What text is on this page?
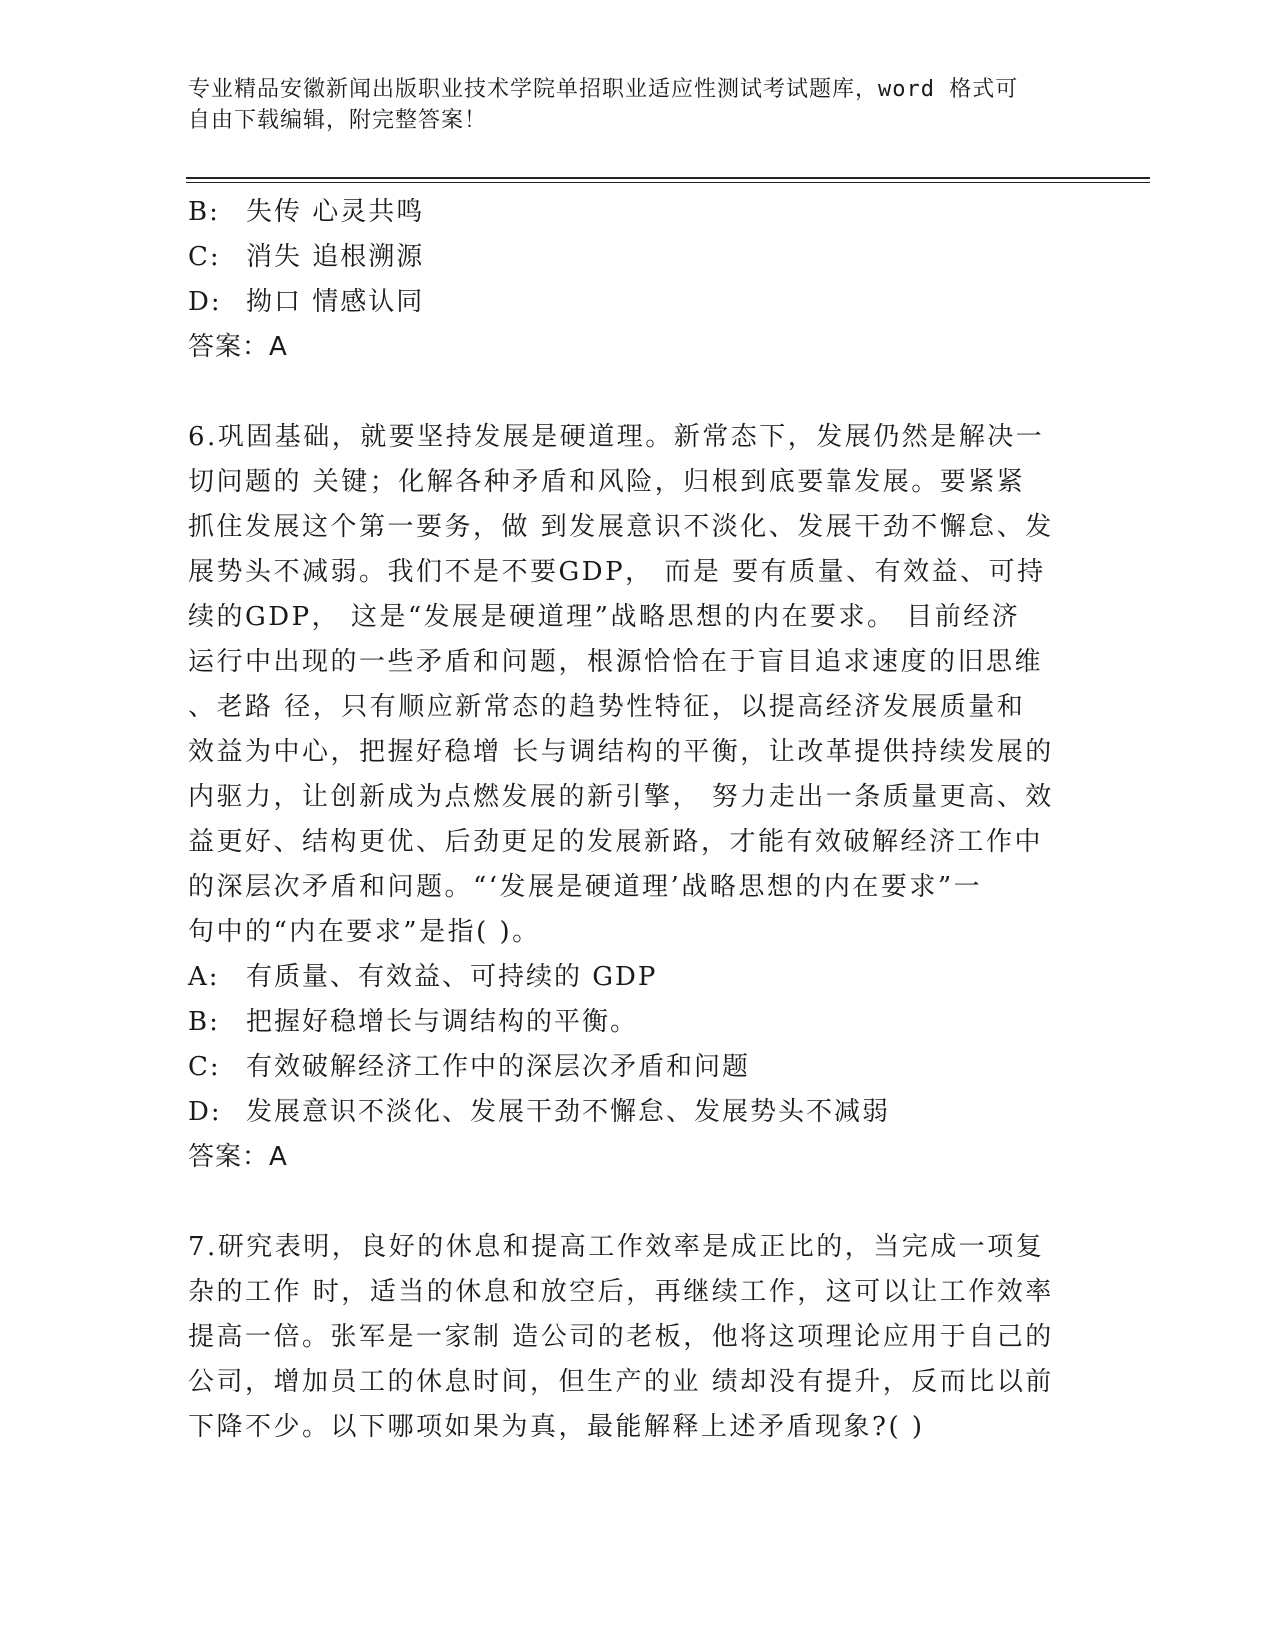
专业精品安徽新闻出版职业技术学院单招职业适应性测试考试题库，word 格式可
自由下载编辑，附完整答案！
B: 失传 心灵共鸣
C: 消失 追根溯源
D: 拗口 情感认同
答案：A
6.巩固基础，就要坚持发展是硬道理。新常态下，发展仍然是解决一
切问题的 关键；化解各种矛盾和风险，归根到底要靠发展。要紧紧
抓住发展这个第一要务，做 到发展意识不淡化、发展干劲不懈怠、发
展势头不减弱。我们不是不要GDP， 而是 要有质量、有效益、可持
续的GDP， 这是“发展是硬道理”战略思想的内在要求。 目前经济
运行中出现的一些矛盾和问题，根源恰恰在于盲目追求速度的旧思维
、老路 径，只有顺应新常态的趋势性特征，以提高经济发展质量和
效益为中心，把握好稳增 长与调结构的平衡，让改革提供持续发展的
内驱力，让创新成为点燃发展的新引擎， 努力走出一条质量更高、效
益更好、结构更优、后劲更足的发展新路，才能有效破解经济工作中
的深层次矛盾和问题。“‘发展是硬道理’战略思想的内在要求”一
句中的“内在要求”是指( )。
A: 有质量、有效益、可持续的 GDP
B: 把握好稳增长与调结构的平衡。
C: 有效破解经济工作中的深层次矛盾和问题
D: 发展意识不淡化、发展干劲不懈怠、发展势头不减弱
答案：A
7.研究表明，良好的休息和提高工作效率是成正比的，当完成一项复
杂的工作 时，适当的休息和放空后，再继续工作，这可以让工作效率
提高一倍。张军是一家制 造公司的老板，他将这项理论应用于自己的
公司，增加员工的休息时间，但生产的业 绩却没有提升，反而比以前
下降不少。以下哪项如果为真，最能解释上述矛盾现象?( )
